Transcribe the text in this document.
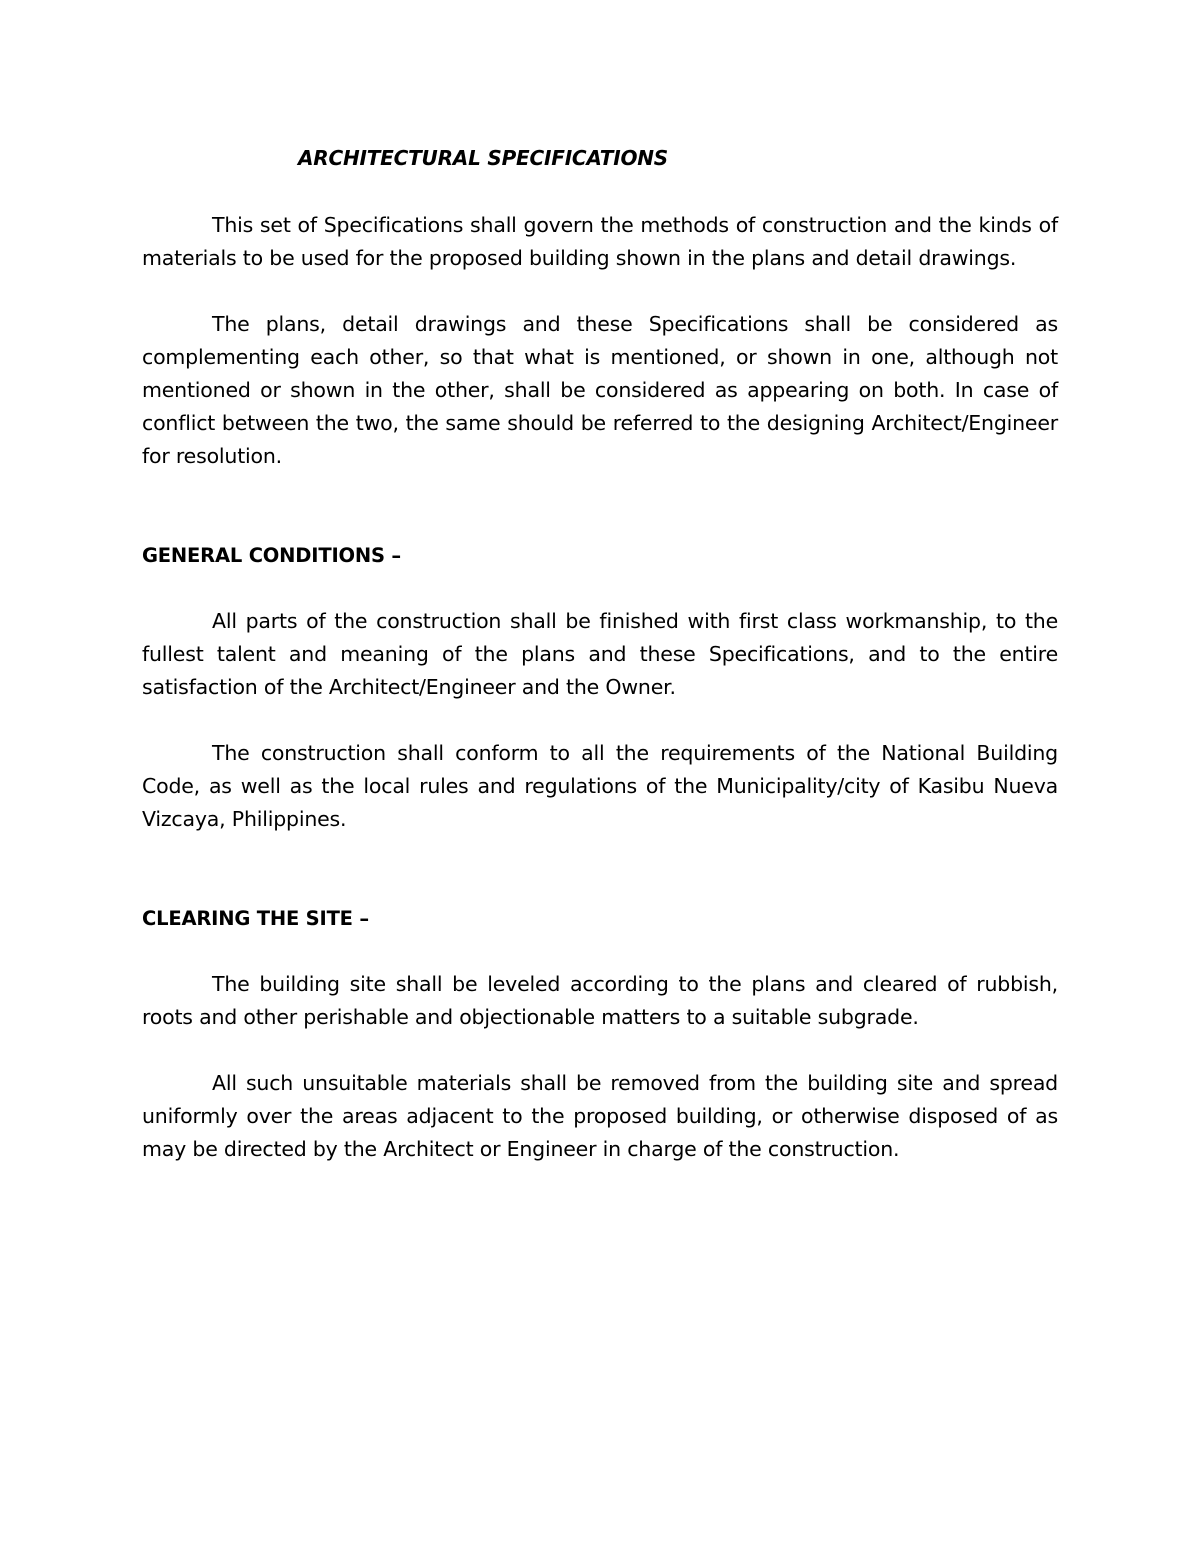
ARCHITECTURAL SPECIFICATIONS

This set of Specifications shall govern the methods of construction and the kinds of materials to be used for the proposed building shown in the plans and detail drawings.

The plans, detail drawings and these Specifications shall be considered as complementing each other, so that what is mentioned, or shown in one, although not mentioned or shown in the other, shall be considered as appearing on both. In case of conflict between the two, the same should be referred to the designing Architect/Engineer for resolution.

GENERAL CONDITIONS –

All parts of the construction shall be finished with first class workmanship, to the fullest talent and meaning of the plans and these Specifications, and to the entire satisfaction of the Architect/Engineer and the Owner.

The construction shall conform to all the requirements of the National Building Code, as well as the local rules and regulations of the Municipality/city of Kasibu Nueva Vizcaya, Philippines.

CLEARING THE SITE –

The building site shall be leveled according to the plans and cleared of rubbish, roots and other perishable and objectionable matters to a suitable subgrade.

All such unsuitable materials shall be removed from the building site and spread uniformly over the areas adjacent to the proposed building, or otherwise disposed of as may be directed by the Architect or Engineer in charge of the construction.
